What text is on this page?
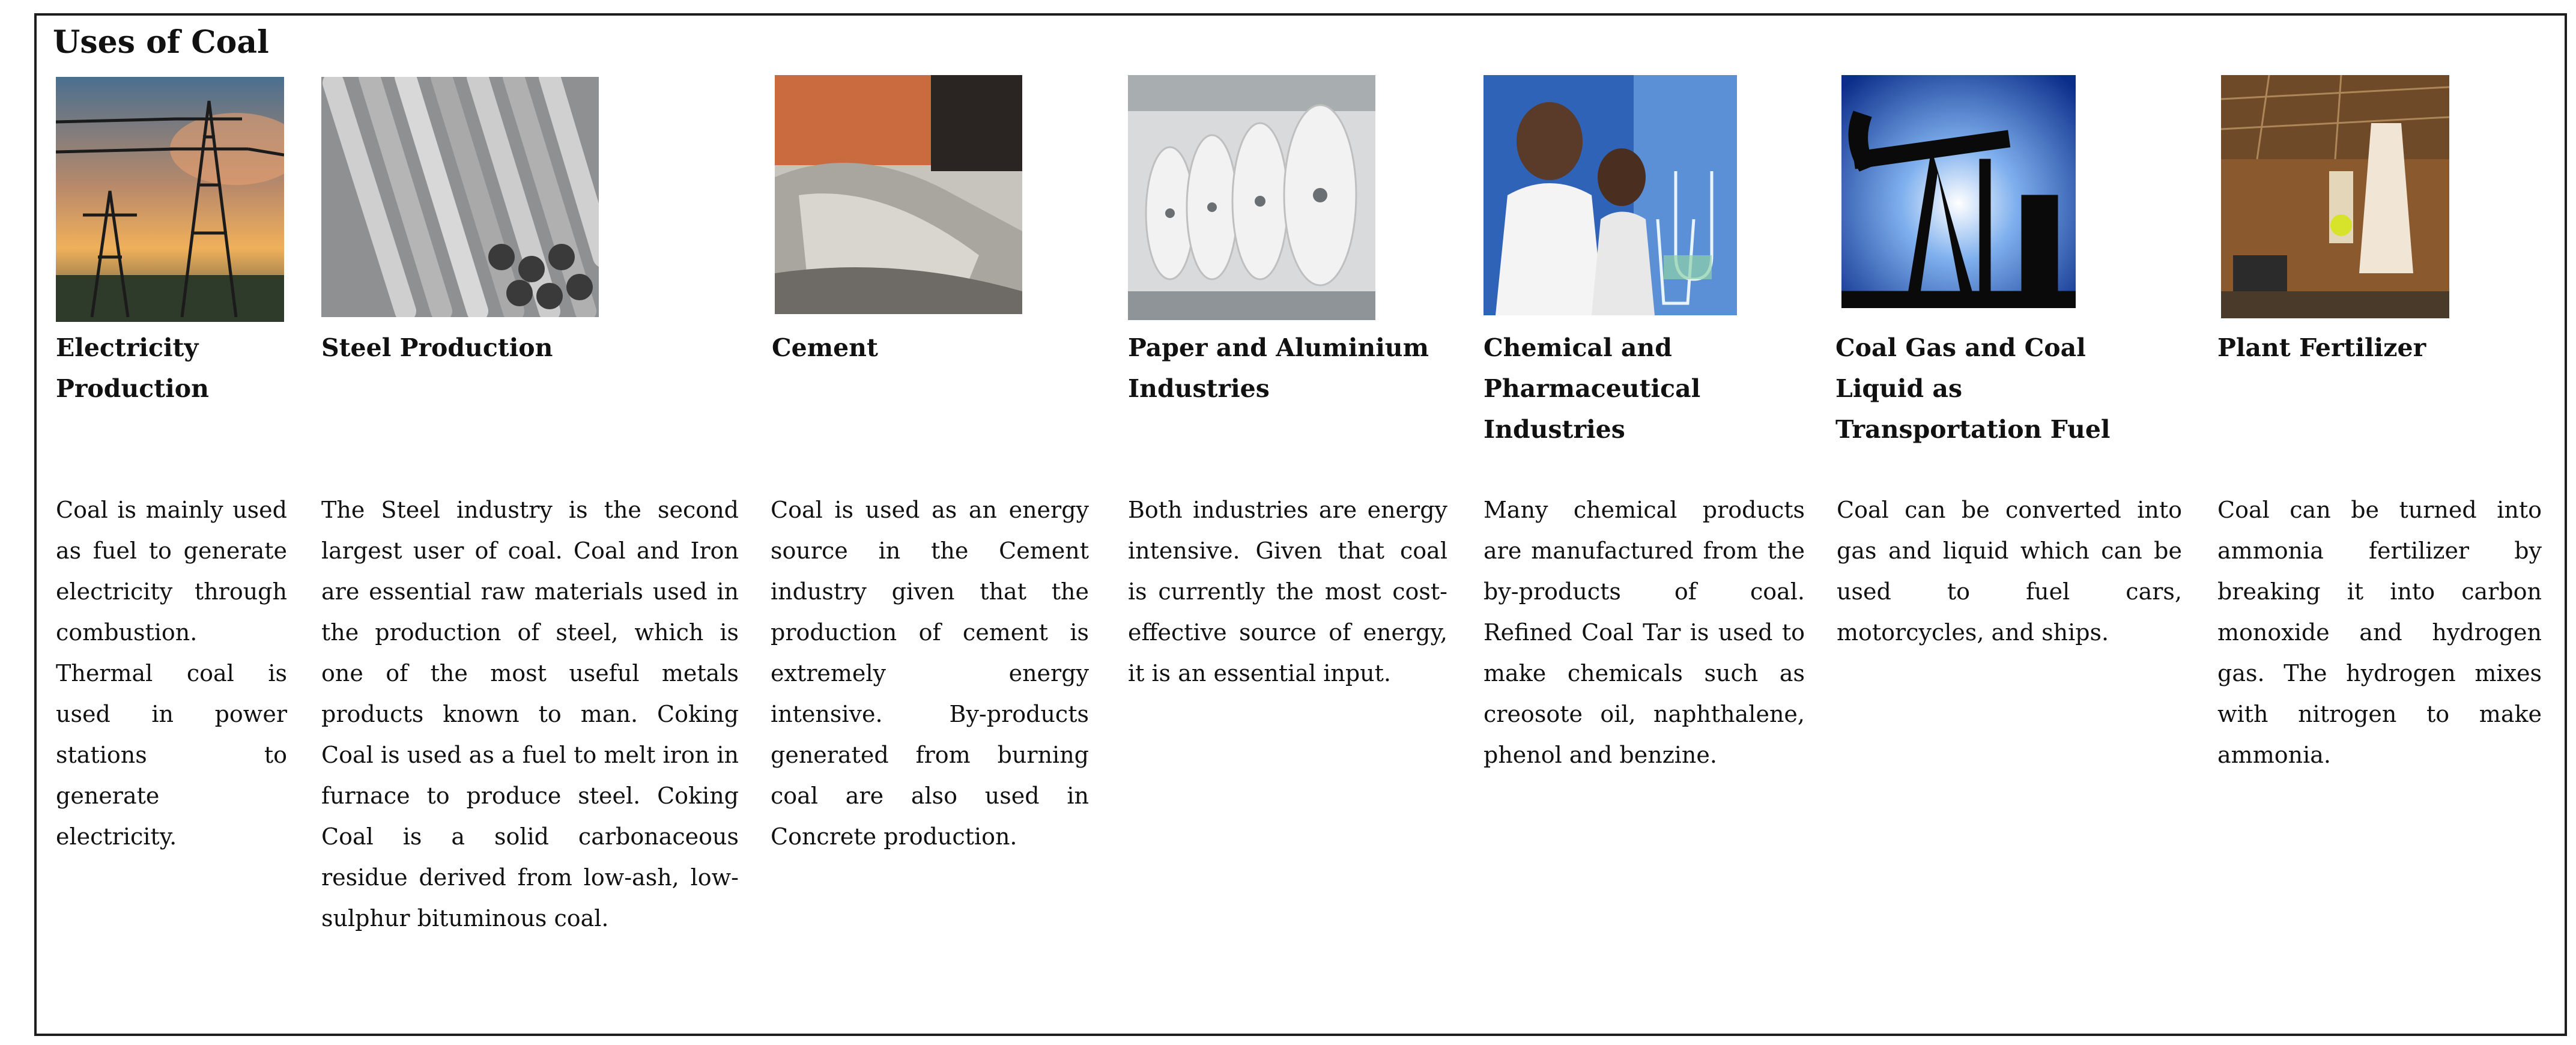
Uses of Coal
Electricity Production
Coal is mainly used as fuel to generate electricity through combustion. Thermal coal is used in power stations to generate electricity.
Steel Production
The Steel industry is the second largest user of coal. Coal and Iron are essential raw materials used in the production of steel, which is one of the most useful metals products known to man. Coking Coal is used as a fuel to melt iron in furnace to produce steel. Coking Coal is a solid carbonaceous residue derived from low-ash, low-sulphur bituminous coal.
Cement
Coal is used as an energy source in the Cement industry given that the production of cement is extremely energy intensive. By-products generated from burning coal are also used in Concrete production.
Paper and Aluminium Industries
Both industries are energy intensive. Given that coal is currently the most cost-effective source of energy, it is an essential input.
Chemical and Pharmaceutical Industries
Many chemical products are manufactured from the by-products of coal. Refined Coal Tar is used to make chemicals such as creosote oil, naphthalene, phenol and benzine.
Coal Gas and Coal Liquid as Transportation Fuel
Coal can be converted into gas and liquid which can be used to fuel cars, motorcycles, and ships.
Plant Fertilizer
Coal can be turned into ammonia fertilizer by breaking it into carbon monoxide and hydrogen gas. The hydrogen mixes with nitrogen to make ammonia.
